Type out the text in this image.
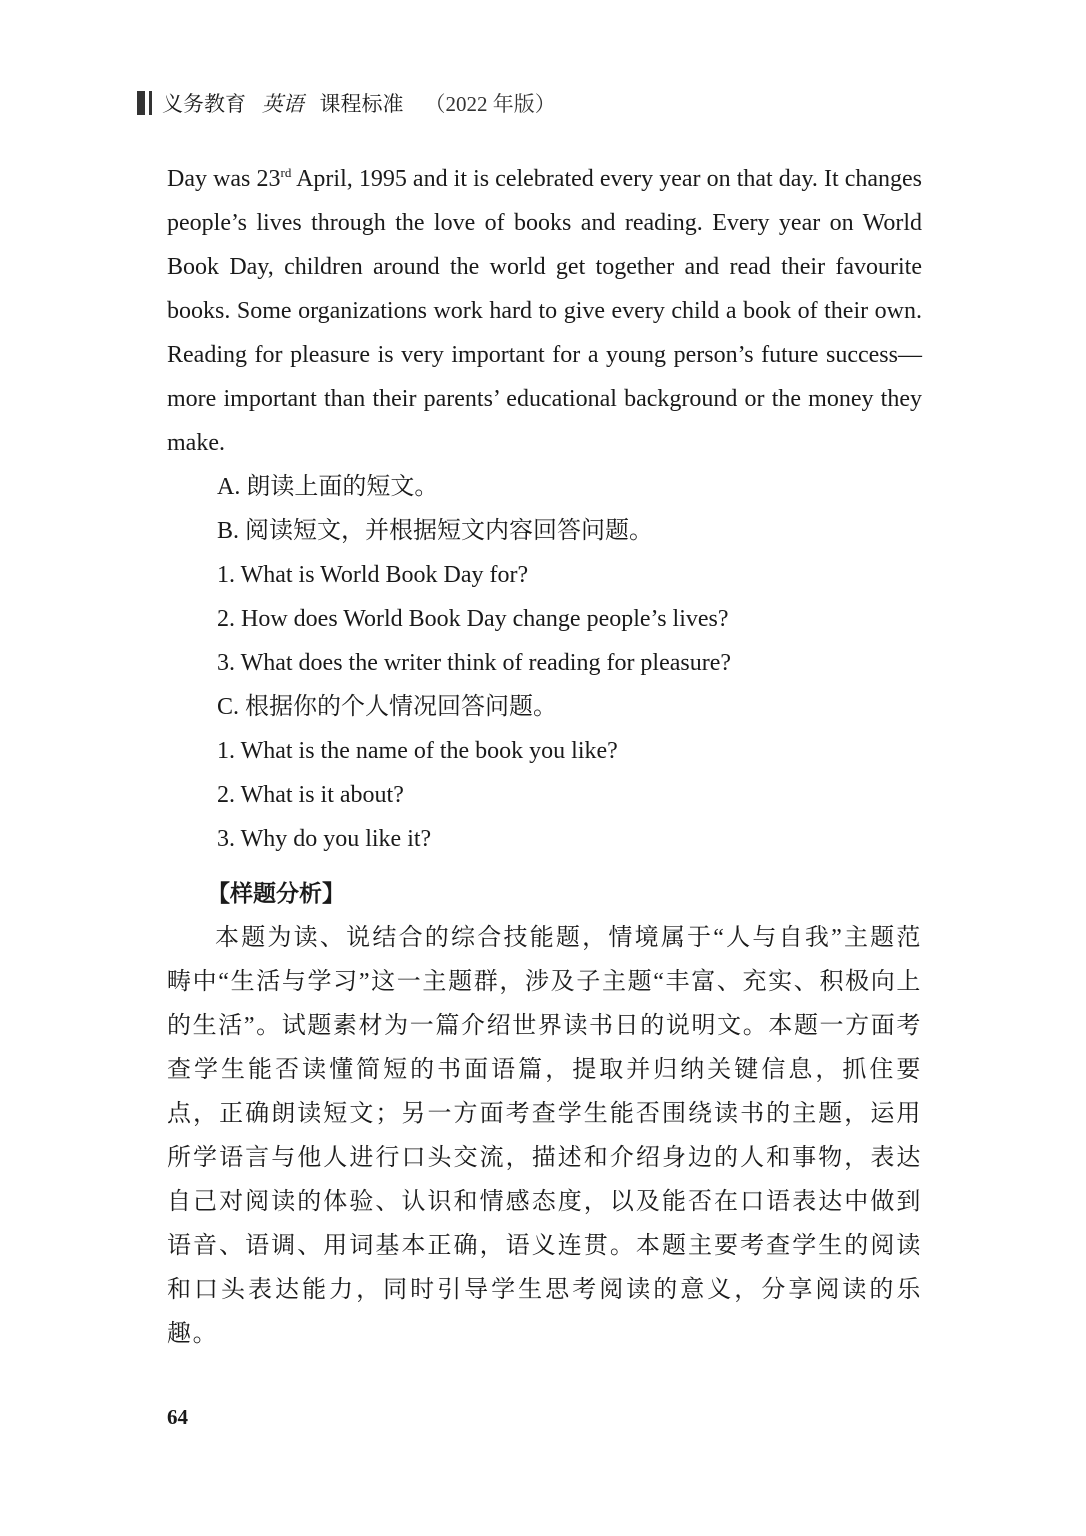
义务教育 英语 课程标准 （2022 年版）

Day was 23rd April, 1995 and it is celebrated every year on that day. It changes people’s lives through the love of books and reading. Every year on World Book Day, children around the world get together and read their favourite books. Some organizations work hard to give every child a book of their own. Reading for pleasure is very important for a young person’s future success—more important than their parents’ educational background or the money they make.

A. 朗读上面的短文。

B. 阅读短文，并根据短文内容回答问题。

1. What is World Book Day for?

2. How does World Book Day change people’s lives?

3. What does the writer think of reading for pleasure?

C. 根据你的个人情况回答问题。

1. What is the name of the book you like?

2. What is it about?

3. Why do you like it?

【样题分析】

本题为读、说结合的综合技能题，情境属于“人与自我”主题范畴中“生活与学习”这一主题群，涉及子主题“丰富、充实、积极向上的生活”。试题素材为一篇介绍世界读书日的说明文。本题一方面考查学生能否读懂简短的书面语篇，提取并归纳关键信息，抓住要点，正确朗读短文；另一方面考查学生能否围绕读书的主题，运用所学语言与他人进行口头交流，描述和介绍身边的人和事物，表达自己对阅读的体验、认识和情感态度，以及能否在口语表达中做到语音、语调、用词基本正确，语义连贯。本题主要考查学生的阅读和口头表达能力，同时引导学生思考阅读的意义，分享阅读的乐趣。

64
